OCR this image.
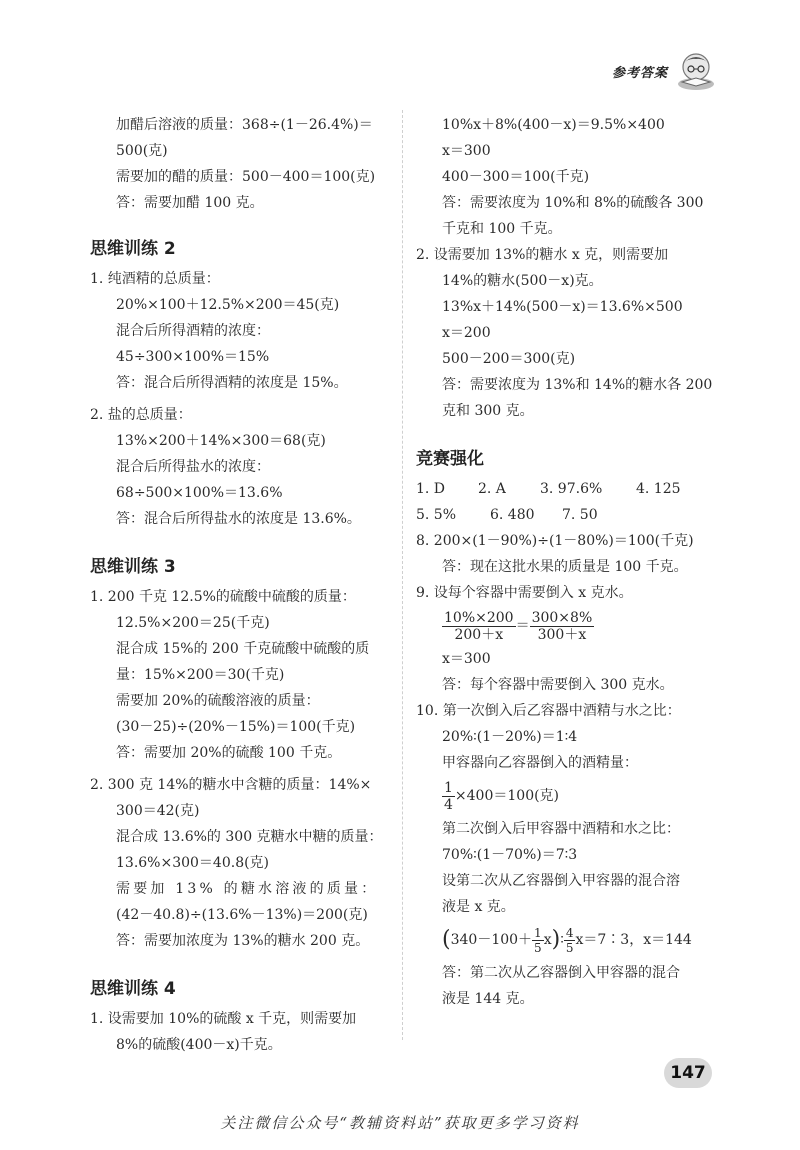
参考答案
加醋后溶液的质量：368÷(1－26.4%)＝
500(克)
需要加的醋的质量：500－400＝100(克)
答：需要加醋 100 克。
思维训练 2
1. 纯酒精的总质量：
20%×100＋12.5%×200＝45(克)
混合后所得酒精的浓度：
45÷300×100%＝15%
答：混合后所得酒精的浓度是 15%。
2. 盐的总质量：
13%×200＋14%×300＝68(克)
混合后所得盐水的浓度：
68÷500×100%＝13.6%
答：混合后所得盐水的浓度是 13.6%。
思维训练 3
1. 200 千克 12.5%的硫酸中硫酸的质量：
12.5%×200＝25(千克)
混合成 15%的 200 千克硫酸中硫酸的质
量：15%×200＝30(千克)
需要加 20%的硫酸溶液的质量：
(30－25)÷(20%－15%)＝100(千克)
答：需要加 20%的硫酸 100 千克。
2. 300 克 14%的糖水中含糖的质量：14%×
300＝42(克)
混合成 13.6%的 300 克糖水中糖的质量：
13.6%×300＝40.8(克)
需要加 13% 的糖水溶液的质量：
(42－40.8)÷(13.6%－13%)＝200(克)
答：需要加浓度为 13%的糖水 200 克。
思维训练 4
1. 设需要加 10%的硫酸 x 千克，则需要加
8%的硫酸(400－x)千克。
10%x＋8%(400－x)＝9.5%×400
x＝300
400－300＝100(千克)
答：需要浓度为 10%和 8%的硫酸各 300
千克和 100 千克。
2. 设需要加 13%的糖水 x 克，则需要加
14%的糖水(500－x)克。
13%x＋14%(500－x)＝13.6%×500
x＝200
500－200＝300(克)
答：需要浓度为 13%和 14%的糖水各 200
克和 300 克。
竞赛强化
1. D 2. A 3. 97.6% 4. 125
5. 5% 6. 480 7. 50
8. 200×(1－90%)÷(1－80%)＝100(千克)
答：现在这批水果的质量是 100 千克。
9. 设每个容器中需要倒入 x 克水。
$\frac{10\%\times 200}{200+x} = \frac{300\times 8\%}{300+x}$
x＝300
答：每个容器中需要倒入 300 克水。
10. 第一次倒入后乙容器中酒精与水之比：
20%∶(1－20%)＝1∶4
甲容器向乙容器倒入的酒精量：
$\frac{1}{4} \times 400=100$(克)
第二次倒入后甲容器中酒精和水之比：
70%∶(1－70%)＝7∶3
设第二次从乙容器倒入甲容器的混合溶
液是 x 克。
($340-100+ \frac{1}{5}$ x)∶ $\frac{4}{5}$ x＝7∶3，x＝144
答：第二次从乙容器倒入甲容器的混合
液是 144 克。
147
关注微信公众号“教辅资料站”获取更多学习资料
